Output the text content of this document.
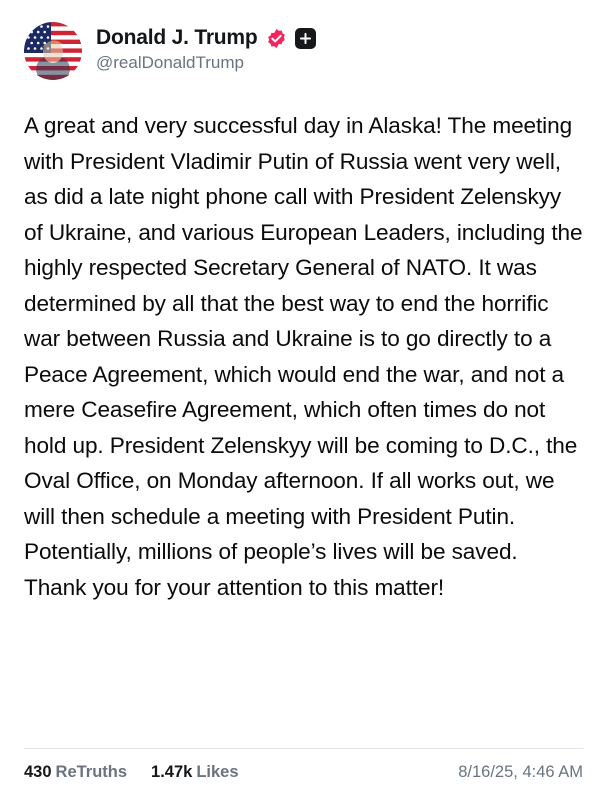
Donald J. Trump
@realDonaldTrump
A great and very successful day in Alaska! The meeting with President Vladimir Putin of Russia went very well, as did a late night phone call with President Zelenskyy of Ukraine, and various European Leaders, including the highly respected Secretary General of NATO. It was determined by all that the best way to end the horrific war between Russia and Ukraine is to go directly to a Peace Agreement, which would end the war, and not a mere Ceasefire Agreement, which often times do not hold up. President Zelenskyy will be coming to D.C., the Oval Office, on Monday afternoon. If all works out, we will then schedule a meeting with President Putin. Potentially, millions of people’s lives will be saved. Thank you for your attention to this matter!
430 ReTruths 1.47k Likes	8/16/25, 4:46 AM
